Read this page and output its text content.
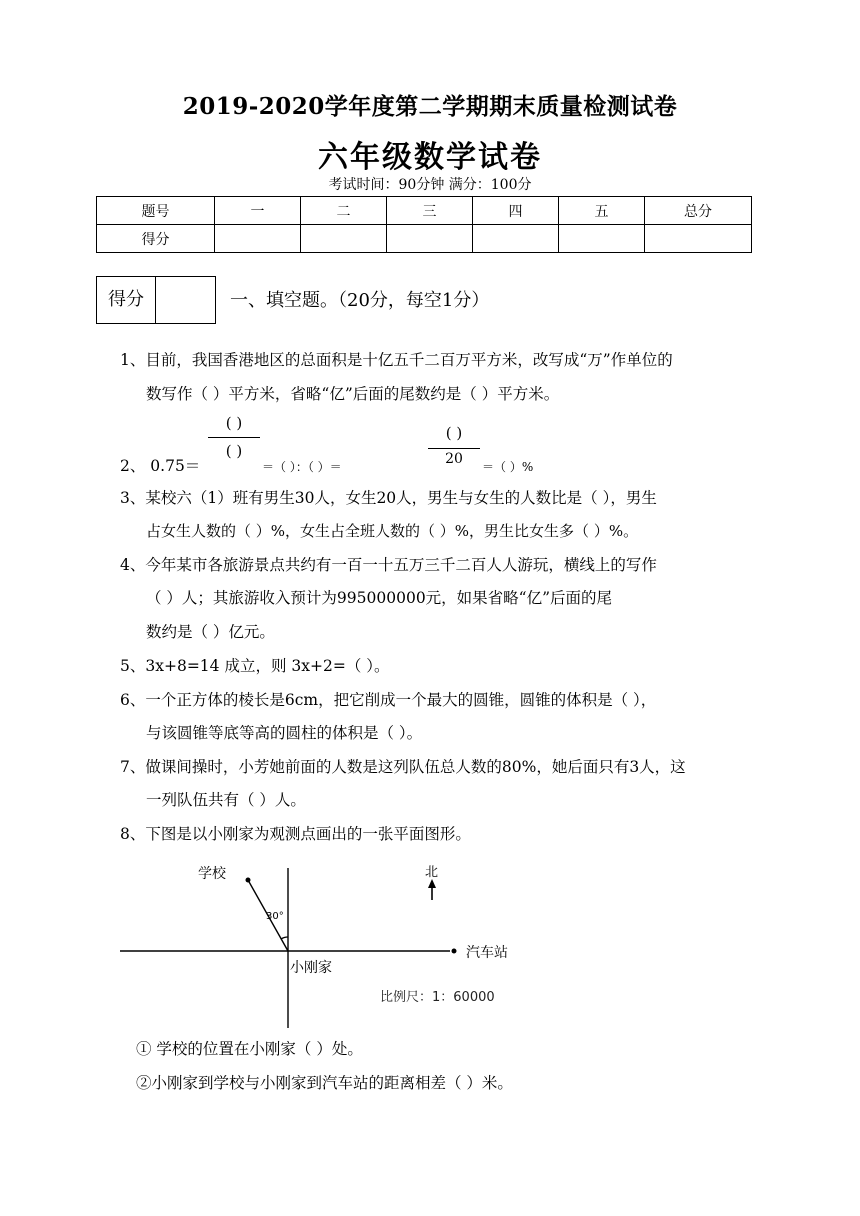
2019-2020学年度第二学期期末质量检测试卷
六年级数学试卷
考试时间：90分钟 满分：100分
题号	一	二	三	四	五	总分
得分						
得分	一、填空题。（20分，每空1分）
1、目前，我国香港地区的总面积是十亿五千二百万平方米，改写成“万”作单位的
数写作（ ）平方米，省略“亿”后面的尾数约是（ ）平方米。
2、 0.75＝
( )
( )
＝（ ）：（ ）＝
( )
20	＝（ ）%
3、某校六（1）班有男生30人，女生20人，男生与女生的人数比是（ ），男生
占女生人数的（ ）%，女生占全班人数的（ ）%，男生比女生多（ ）%。
4、今年某市各旅游景点共约有一百一十五万三千二百人人游玩，横线上的写作
（ ）人；其旅游收入预计为995000000元，如果省略“亿”后面的尾
数约是（ ）亿元。
5、3x+8=14 成立，则 3x+2=（ ）。
6、一个正方体的棱长是6cm，把它削成一个最大的圆锥，圆锥的体积是（ ），
与该圆锥等底等高的圆柱的体积是（ ）。
7、做课间操时，小芳她前面的人数是这列队伍总人数的80%，她后面只有3人，这
一列队伍共有（ ）人。
8、下图是以小刚家为观测点画出的一张平面图形。
学校
30°
北
小刚家
汽车站
比例尺：1：60000
① 学校的位置在小刚家（ ）处。
②小刚家到学校与小刚家到汽车站的距离相差（ ）米。
